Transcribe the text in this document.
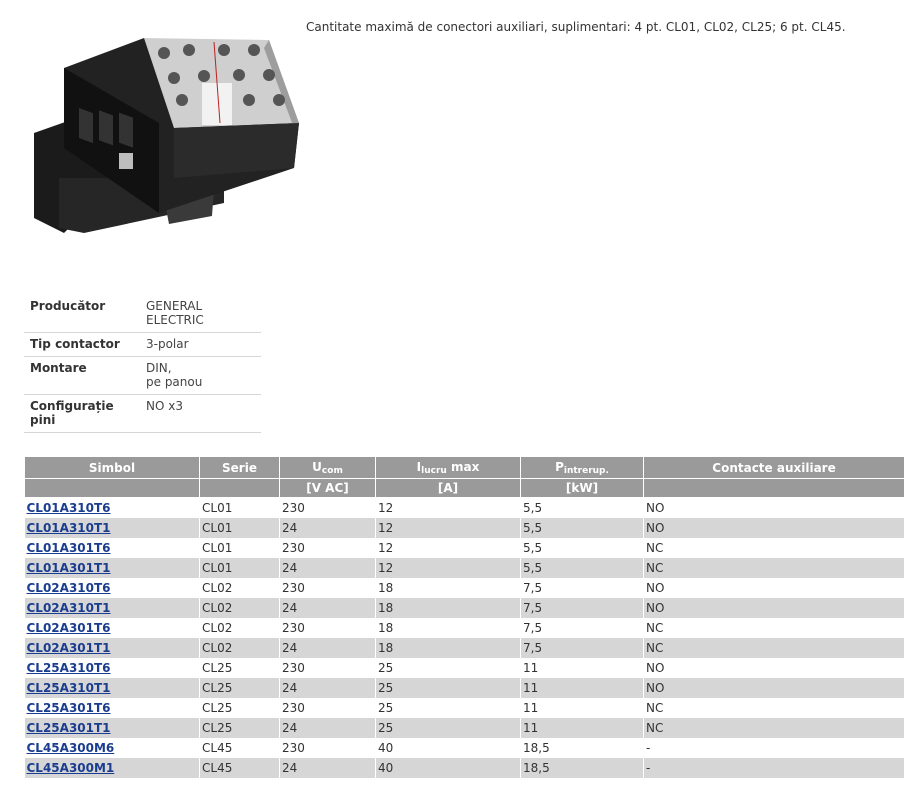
Cantitate maximă de conectori auxiliari, suplimentari: 4 pt. CL01, CL02, CL25; 6 pt. CL45.
Producător	GENERAL ELECTRIC
Tip contactor	3-polar
Montare	DIN,
pe panou
Configurație pini	NO x3
Simbol	Serie	$U_{com}$	$I_{lucru}$ max	$P_{intrerup.}$	Contacte auxiliare
		[V AC]	[A]	[kW]	
CL01A310T6	CL01	230	12	5,5	NO
CL01A310T1	CL01	24	12	5,5	NO
CL01A301T6	CL01	230	12	5,5	NC
CL01A301T1	CL01	24	12	5,5	NC
CL02A310T6	CL02	230	18	7,5	NO
CL02A310T1	CL02	24	18	7,5	NO
CL02A301T6	CL02	230	18	7,5	NC
CL02A301T1	CL02	24	18	7,5	NC
CL25A310T6	CL25	230	25	11	NO
CL25A310T1	CL25	24	25	11	NO
CL25A301T6	CL25	230	25	11	NC
CL25A301T1	CL25	24	25	11	NC
CL45A300M6	CL45	230	40	18,5	-
CL45A300M1	CL45	24	40	18,5	-
